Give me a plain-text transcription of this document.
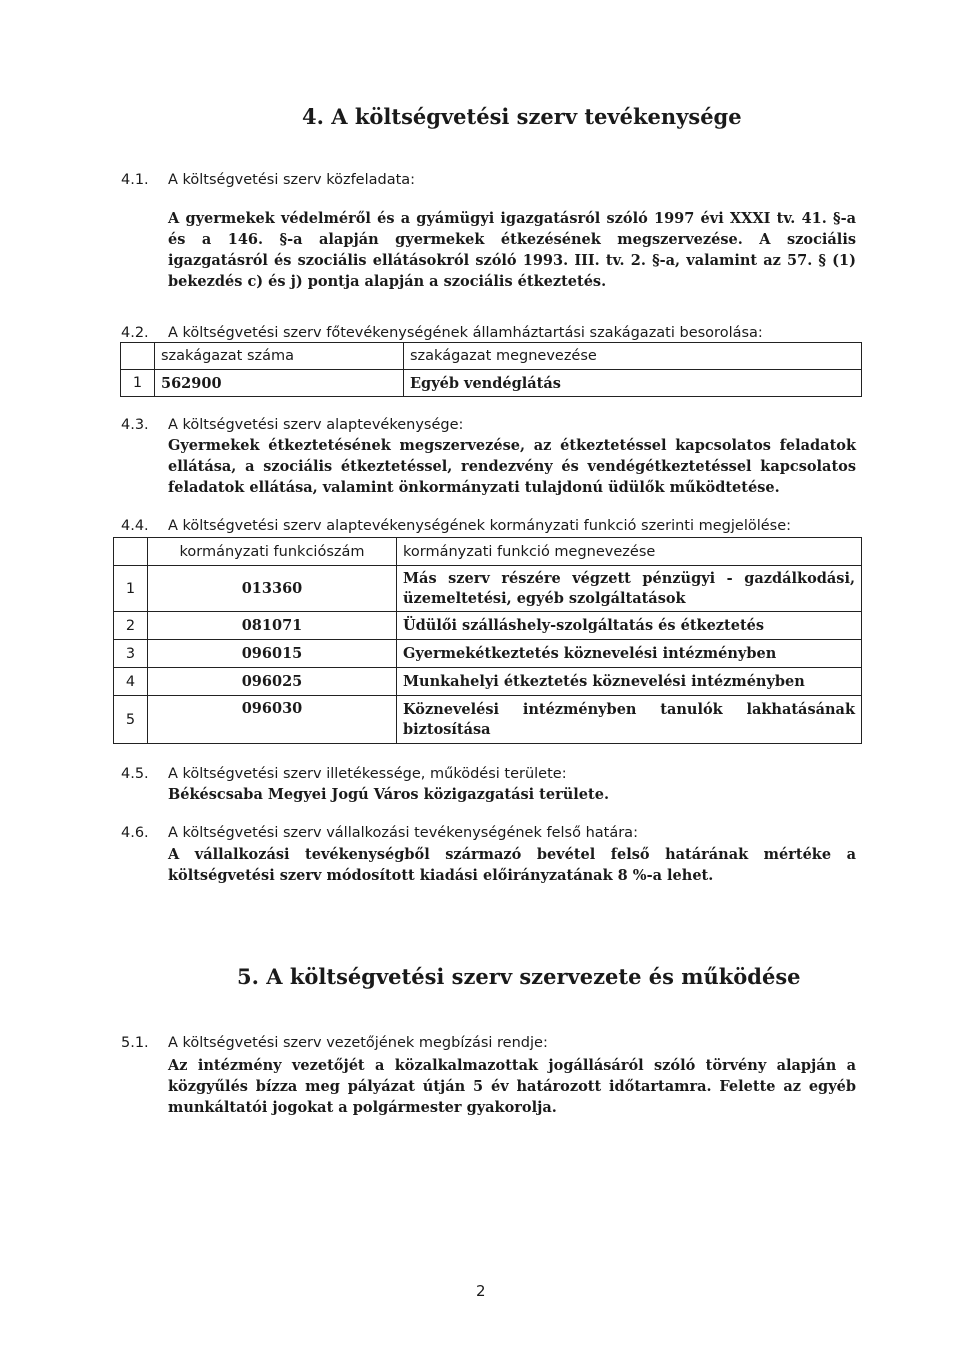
4. A költségvetési szerv tevékenysége
4.1. A költségvetési szerv közfeladata:
A gyermekek védelméről és a gyámügyi igazgatásról szóló 1997 évi XXXI tv. 41. §-a és a 146. §-a alapján gyermekek étkezésének megszervezése. A szociális igazgatásról és szociális ellátásokról szóló 1993. III. tv. 2. §-a, valamint az 57. § (1) bekezdés c) és j) pontja alapján a szociális étkeztetés.
4.2. A költségvetési szerv főtevékenységének államháztartási szakágazati besorolása:
	szakágazat száma	szakágazat megnevezése
1	562900	Egyéb vendéglátás
4.3. A költségvetési szerv alaptevékenysége:
Gyermekek étkeztetésének megszervezése, az étkeztetéssel kapcsolatos feladatok ellátása, a szociális étkeztetéssel, rendezvény és vendégétkeztetéssel kapcsolatos feladatok ellátása, valamint önkormányzati tulajdonú üdülők működtetése.
4.4. A költségvetési szerv alaptevékenységének kormányzati funkció szerinti megjelölése:
	kormányzati funkciószám	kormányzati funkció megnevezése
1	013360	Más szerv részére végzett pénzügyi - gazdálkodási, üzemeltetési, egyéb szolgáltatások
2	081071	Üdülői szálláshely-szolgáltatás és étkeztetés
3	096015	Gyermekétkeztetés köznevelési intézményben
4	096025	Munkahelyi étkeztetés köznevelési intézményben
5	096030	Köznevelési intézményben tanulók lakhatásának biztosítása
4.5. A költségvetési szerv illetékessége, működési területe:
Békéscsaba Megyei Jogú Város közigazgatási területe.
4.6. A költségvetési szerv vállalkozási tevékenységének felső határa:
A vállalkozási tevékenységből származó bevétel felső határának mértéke a költségvetési szerv módosított kiadási előirányzatának 8 %-a lehet.
5. A költségvetési szerv szervezete és működése
5.1. A költségvetési szerv vezetőjének megbízási rendje:
Az intézmény vezetőjét a közalkalmazottak jogállásáról szóló törvény alapján a közgyűlés bízza meg pályázat útján 5 év határozott időtartamra. Felette az egyéb munkáltatói jogokat a polgármester gyakorolja.
2
